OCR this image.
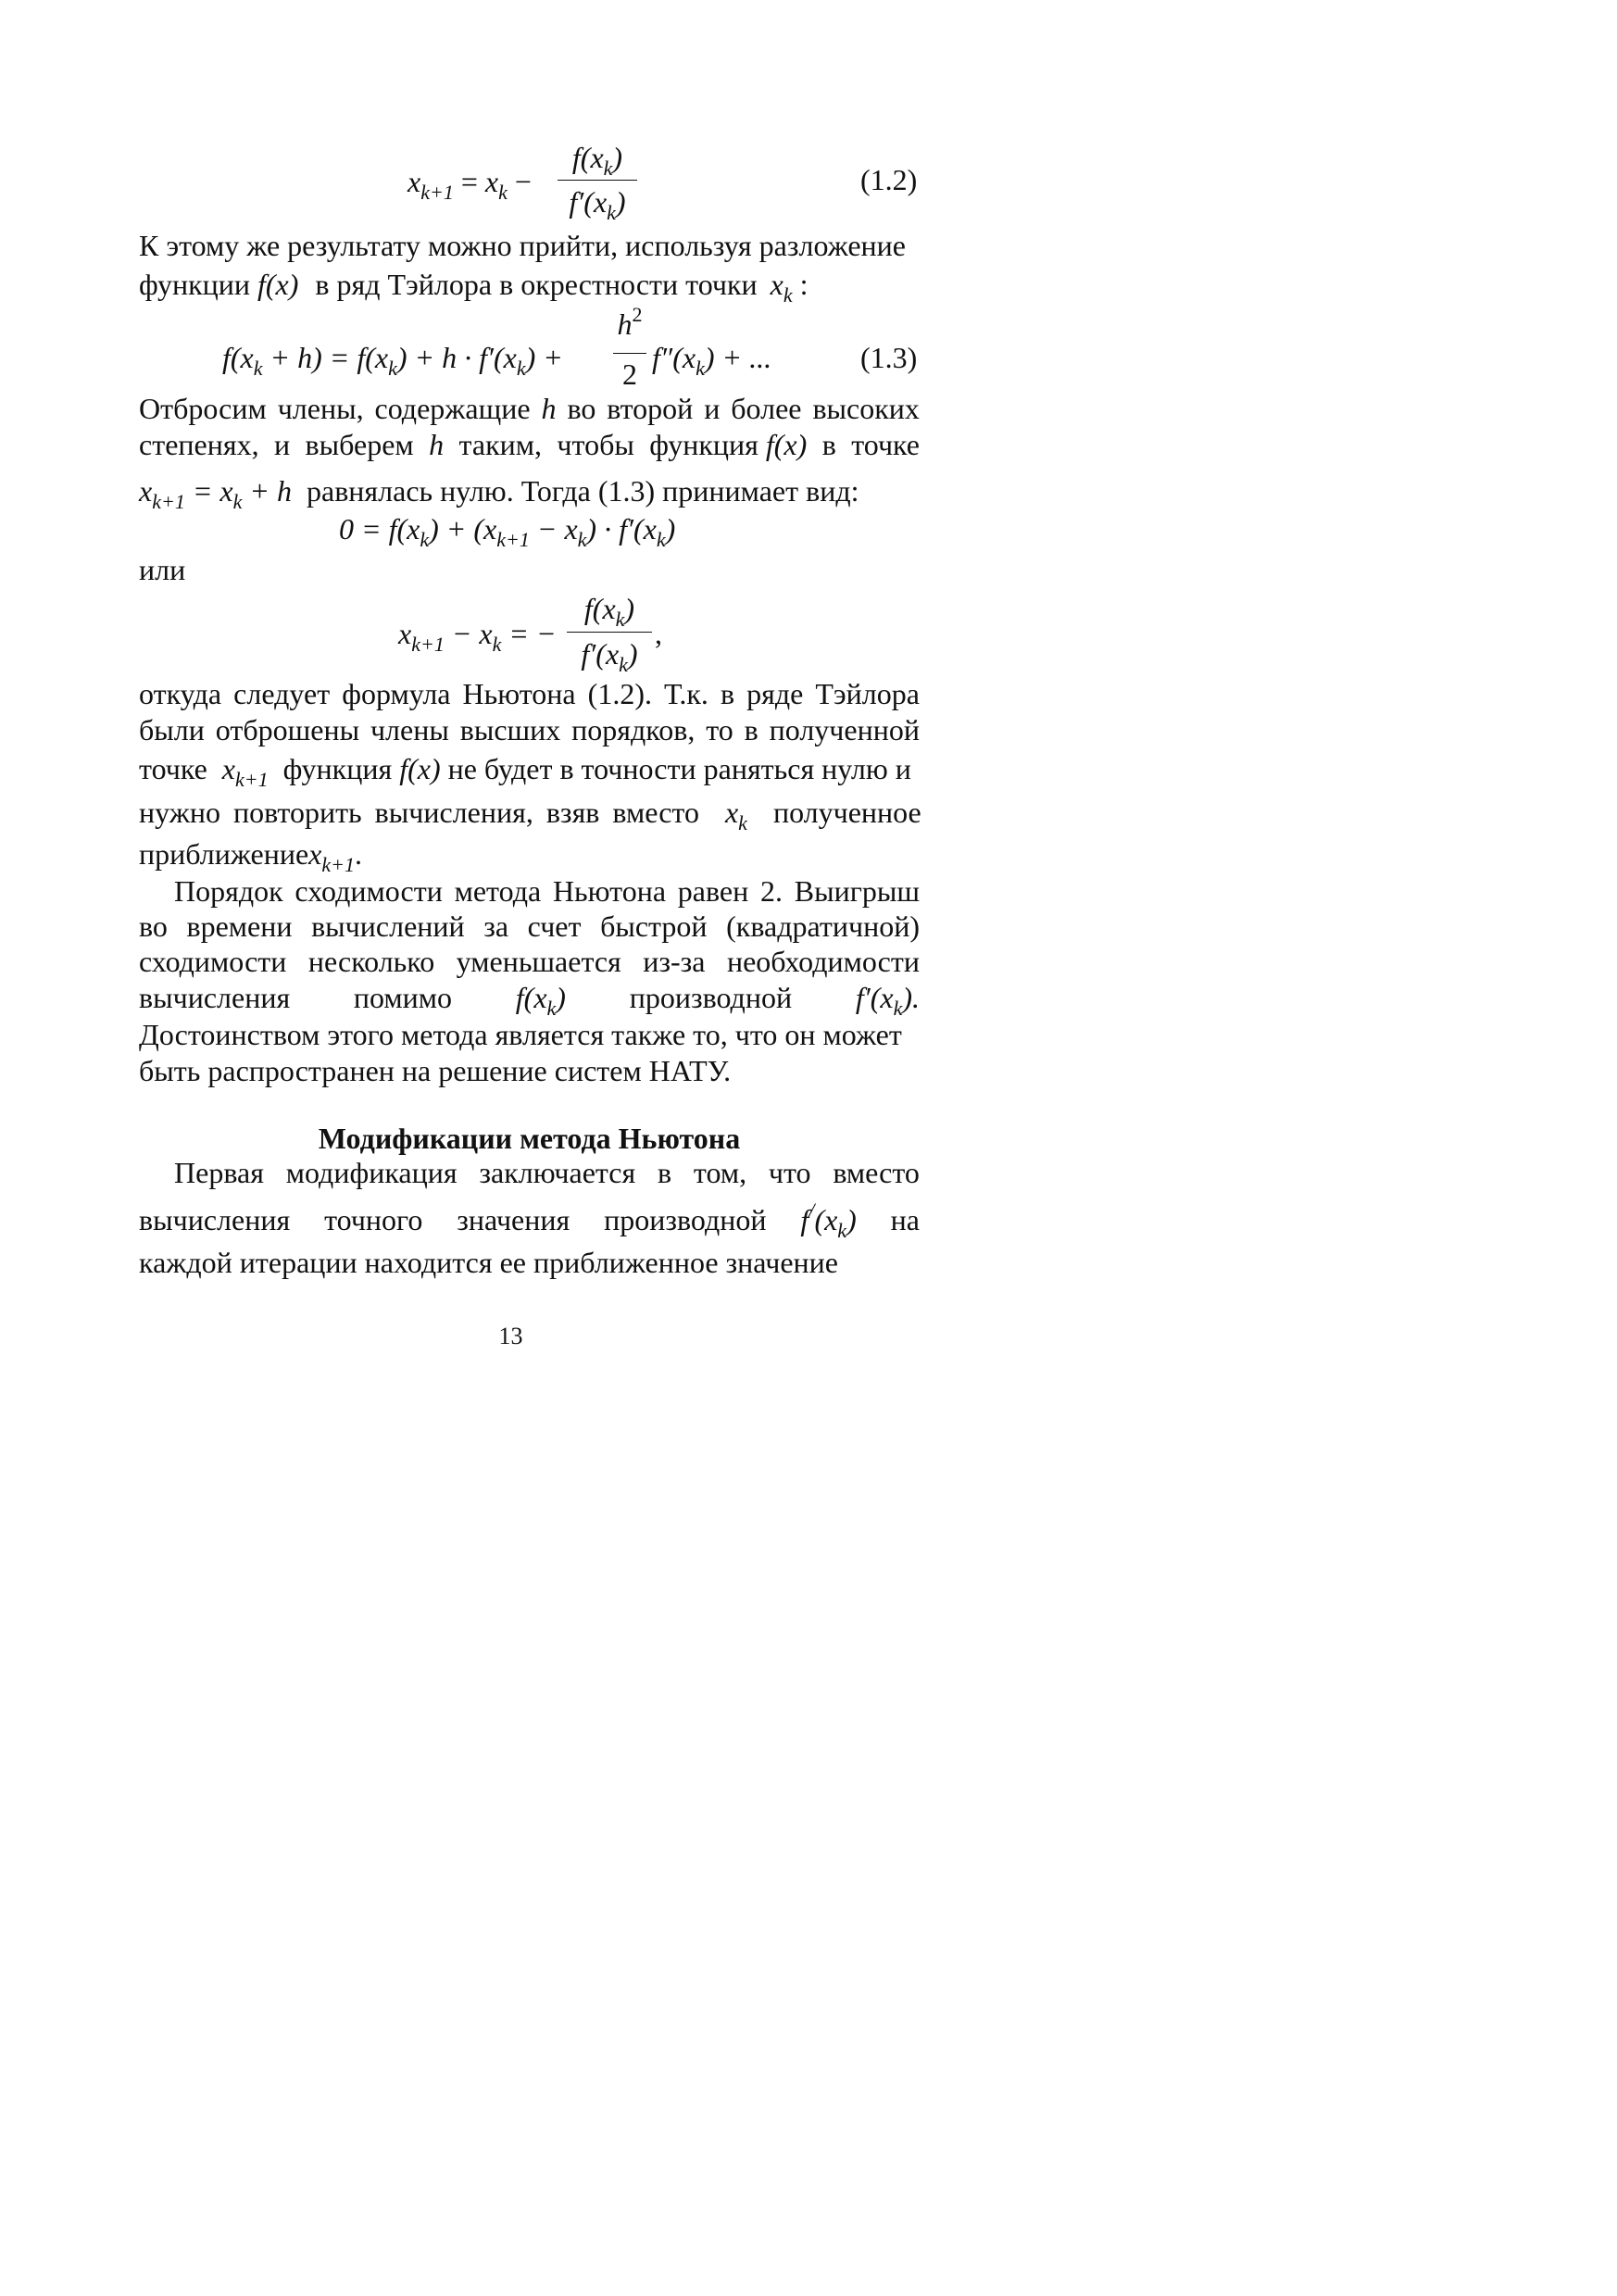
$x_{k+1} = x_k$ −
$f(x_k)$
$f'(x_k)$
(1.2)
К этому же результату можно прийти, используя разложение
функции f(x) в ряд Тэйлора в окрестности точки $x_k$ :
$f(x_k + h) = f(x_k) + h \cdot f'(x_k)$ +
$h^2$
2 $f''(x_k)$ + ...	(1.3)
Отбросим члены, содержащие h во второй и более высоких
степенях, и выберем h таким, чтобы функция f(x) в точке
$x_{k+1} = x_k + h$ равнялась нулю. Тогда (1.3) принимает вид:
$0 = f(x_k) + (x_{k+1} - x_k) \cdot f'(x_k)$
или
$x_{k+1} - x_k$ = −
$f(x_k)$
$f'(x_k)$
,
откуда следует формула Ньютона (1.2). Т.к. в ряде Тэйлора
были отброшены члены высших порядков, то в полученной
точке $x_{k+1}$ функция f(x) не будет в точности раняться нулю и
нужно повторить вычисления, взяв вместо $x_k$ полученное
приближениеx$_{k+1}$.
Порядок сходимости метода Ньютона равен 2. Выигрыш
во времени вычислений за счет быстрой (квадратичной)
сходимости несколько уменьшается из-за необходимости
вычисления помимо $f(x_k)$ производной $f'(x_k)$.
Достоинством этого метода является также то, что он может
быть распространен на решение систем НАТУ.
Модификации метода Ньютона
Первая модификация заключается в том, что вместо
вычисления точного значения производной $f^/(x_k)$ на
каждой итерации находится ее приближенное значение
13
